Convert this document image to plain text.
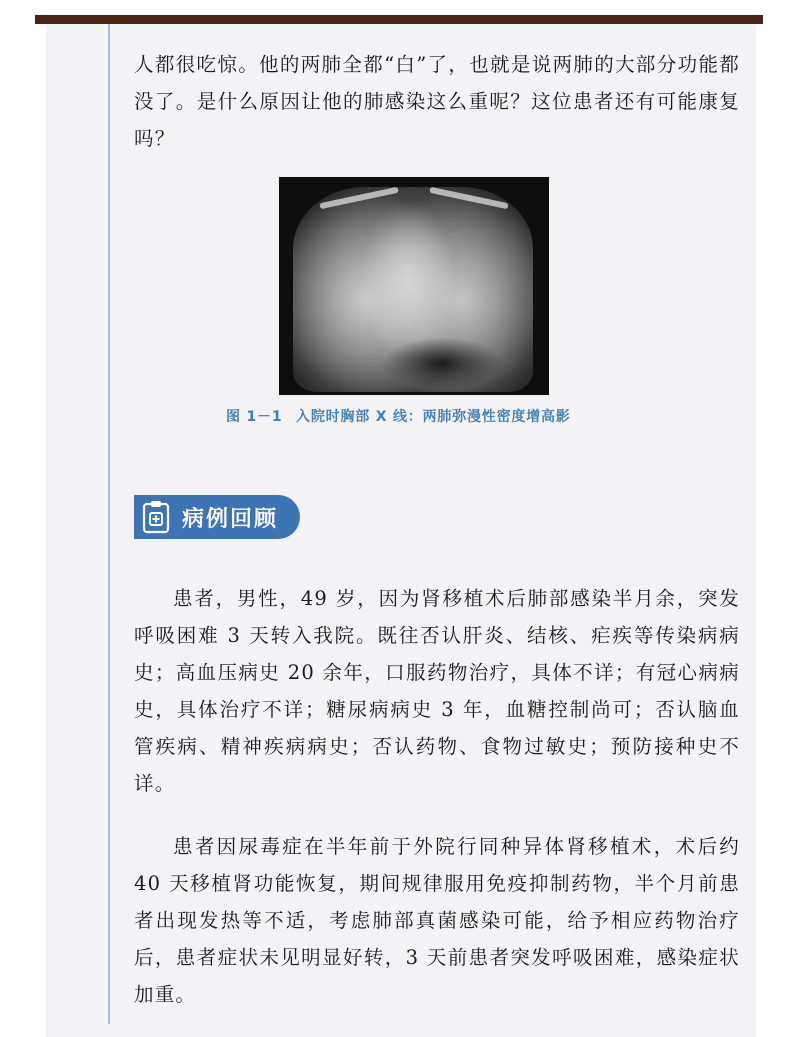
人都很吃惊。他的两肺全都“白”了，也就是说两肺的大部分功能都没了。是什么原因让他的肺感染这么重呢？这位患者还有可能康复吗？

图 1－1 入院时胸部 X 线：两肺弥漫性密度增高影
病例回顾

患者，男性，49 岁，因为肾移植术后肺部感染半月余，突发呼吸困难 3 天转入我院。既往否认肝炎、结核、疟疾等传染病病史；高血压病史 20 余年，口服药物治疗，具体不详；有冠心病病史，具体治疗不详；糖尿病病史 3 年，血糖控制尚可；否认脑血管疾病、精神疾病病史；否认药物、食物过敏史；预防接种史不详。

患者因尿毒症在半年前于外院行同种异体肾移植术，术后约 40 天移植肾功能恢复，期间规律服用免疫抑制药物，半个月前患者出现发热等不适，考虑肺部真菌感染可能，给予相应药物治疗后，患者症状未见明显好转，3 天前患者突发呼吸困难，感染症状加重。
